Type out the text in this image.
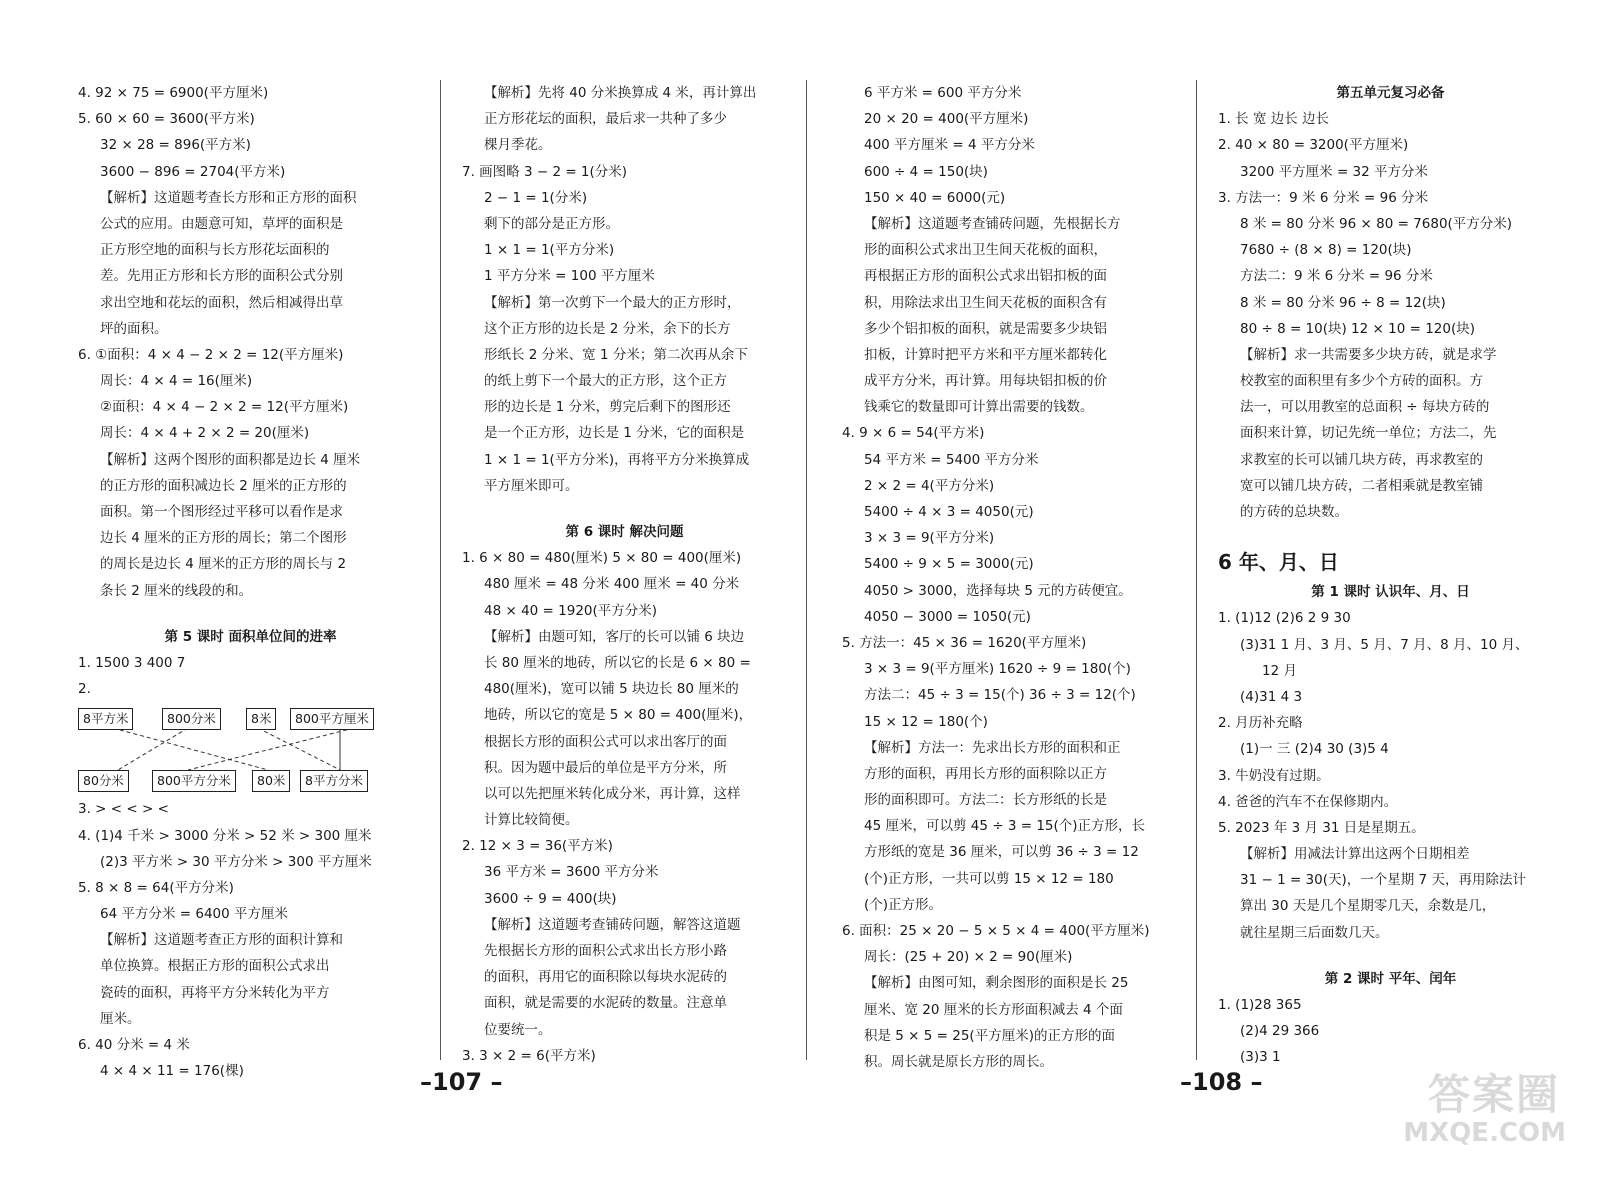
4. 92 × 75 = 6900(平方厘米)
5. 60 × 60 = 3600(平方米)
32 × 28 = 896(平方米)
3600 − 896 = 2704(平方米)
【解析】这道题考查长方形和正方形的面积
公式的应用。由题意可知，草坪的面积是
正方形空地的面积与长方形花坛面积的
差。先用正方形和长方形的面积公式分别
求出空地和花坛的面积，然后相减得出草
坪的面积。
6. ①面积：4 × 4 − 2 × 2 = 12(平方厘米)
周长：4 × 4 = 16(厘米)
②面积：4 × 4 − 2 × 2 = 12(平方厘米)
周长：4 × 4 + 2 × 2 = 20(厘米)
【解析】这两个图形的面积都是边长 4 厘米
的正方形的面积减边长 2 厘米的正方形的
面积。第一个图形经过平移可以看作是求
边长 4 厘米的正方形的周长；第二个图形
的周长是边长 4 厘米的正方形的周长与 2
条长 2 厘米的线段的和。
第 5 课时 面积单位间的进率
1. 1500 3 400 7
2.
8平方米	800分米	8米	800平方厘米
80分米	800平方分米	80米	8平方分米
3. > < < > <
4. (1)4 千米 > 3000 分米 > 52 米 > 300 厘米
(2)3 平方米 > 30 平方分米 > 300 平方厘米
5. 8 × 8 = 64(平方分米)
64 平方分米 = 6400 平方厘米
【解析】这道题考查正方形的面积计算和
单位换算。根据正方形的面积公式求出
瓷砖的面积，再将平方分米转化为平方
厘米。
6. 40 分米 = 4 米
4 × 4 × 11 = 176(棵)
【解析】先将 40 分米换算成 4 米，再计算出
正方形花坛的面积，最后求一共种了多少
棵月季花。
7. 画图略 3 − 2 = 1(分米)
2 − 1 = 1(分米)
剩下的部分是正方形。
1 × 1 = 1(平方分米)
1 平方分米 = 100 平方厘米
【解析】第一次剪下一个最大的正方形时，
这个正方形的边长是 2 分米，余下的长方
形纸长 2 分米、宽 1 分米；第二次再从余下
的纸上剪下一个最大的正方形，这个正方
形的边长是 1 分米，剪完后剩下的图形还
是一个正方形，边长是 1 分米，它的面积是
1 × 1 = 1(平方分米)，再将平方分米换算成
平方厘米即可。
第 6 课时 解决问题
1. 6 × 80 = 480(厘米) 5 × 80 = 400(厘米)
480 厘米 = 48 分米 400 厘米 = 40 分米
48 × 40 = 1920(平方分米)
【解析】由题可知，客厅的长可以铺 6 块边
长 80 厘米的地砖，所以它的长是 6 × 80 =
480(厘米)，宽可以铺 5 块边长 80 厘米的
地砖，所以它的宽是 5 × 80 = 400(厘米)，
根据长方形的面积公式可以求出客厅的面
积。因为题中最后的单位是平方分米，所
以可以先把厘米转化成分米，再计算，这样
计算比较简便。
2. 12 × 3 = 36(平方米)
36 平方米 = 3600 平方分米
3600 ÷ 9 = 400(块)
【解析】这道题考查铺砖问题，解答这道题
先根据长方形的面积公式求出长方形小路
的面积，再用它的面积除以每块水泥砖的
面积，就是需要的水泥砖的数量。注意单
位要统一。
3. 3 × 2 = 6(平方米)
6 平方米 = 600 平方分米
20 × 20 = 400(平方厘米)
400 平方厘米 = 4 平方分米
600 ÷ 4 = 150(块)
150 × 40 = 6000(元)
【解析】这道题考查铺砖问题，先根据长方
形的面积公式求出卫生间天花板的面积，
再根据正方形的面积公式求出铝扣板的面
积，用除法求出卫生间天花板的面积含有
多少个铝扣板的面积，就是需要多少块铝
扣板，计算时把平方米和平方厘米都转化
成平方分米，再计算。用每块铝扣板的价
钱乘它的数量即可计算出需要的钱数。
4. 9 × 6 = 54(平方米)
54 平方米 = 5400 平方分米
2 × 2 = 4(平方分米)
5400 ÷ 4 × 3 = 4050(元)
3 × 3 = 9(平方分米)
5400 ÷ 9 × 5 = 3000(元)
4050 > 3000，选择每块 5 元的方砖便宜。
4050 − 3000 = 1050(元)
5. 方法一：45 × 36 = 1620(平方厘米)
3 × 3 = 9(平方厘米) 1620 ÷ 9 = 180(个)
方法二：45 ÷ 3 = 15(个) 36 ÷ 3 = 12(个)
15 × 12 = 180(个)
【解析】方法一：先求出长方形的面积和正
方形的面积，再用长方形的面积除以正方
形的面积即可。方法二：长方形纸的长是
45 厘米，可以剪 45 ÷ 3 = 15(个)正方形，长
方形纸的宽是 36 厘米，可以剪 36 ÷ 3 = 12
(个)正方形，一共可以剪 15 × 12 = 180
(个)正方形。
6. 面积：25 × 20 − 5 × 5 × 4 = 400(平方厘米)
周长：(25 + 20) × 2 = 90(厘米)
【解析】由图可知，剩余图形的面积是长 25
厘米、宽 20 厘米的长方形面积减去 4 个面
积是 5 × 5 = 25(平方厘米)的正方形的面
积。周长就是原长方形的周长。
第五单元复习必备
1. 长 宽 边长 边长
2. 40 × 80 = 3200(平方厘米)
3200 平方厘米 = 32 平方分米
3. 方法一：9 米 6 分米 = 96 分米
8 米 = 80 分米 96 × 80 = 7680(平方分米)
7680 ÷ (8 × 8) = 120(块)
方法二：9 米 6 分米 = 96 分米
8 米 = 80 分米 96 ÷ 8 = 12(块)
80 ÷ 8 = 10(块) 12 × 10 = 120(块)
【解析】求一共需要多少块方砖，就是求学
校教室的面积里有多少个方砖的面积。方
法一，可以用教室的总面积 ÷ 每块方砖的
面积来计算，切记先统一单位；方法二，先
求教室的长可以铺几块方砖，再求教室的
宽可以铺几块方砖，二者相乘就是教室铺
的方砖的总块数。
6 年、月、日
第 1 课时 认识年、月、日
1. (1)12 (2)6 2 9 30
(3)31 1 月、3 月、5 月、7 月、8 月、10 月、
12 月
(4)31 4 3
2. 月历补充略
(1)一 三 (2)4 30 (3)5 4
3. 牛奶没有过期。
4. 爸爸的汽车不在保修期内。
5. 2023 年 3 月 31 日是星期五。
【解析】用减法计算出这两个日期相差
31 − 1 = 30(天)，一个星期 7 天，再用除法计
算出 30 天是几个星期零几天，余数是几，
就往星期三后面数几天。
第 2 课时 平年、闰年
1. (1)28 365
(2)4 29 366
(3)3 1
–107 –	–108 –	答案圈
MXQE.COM
